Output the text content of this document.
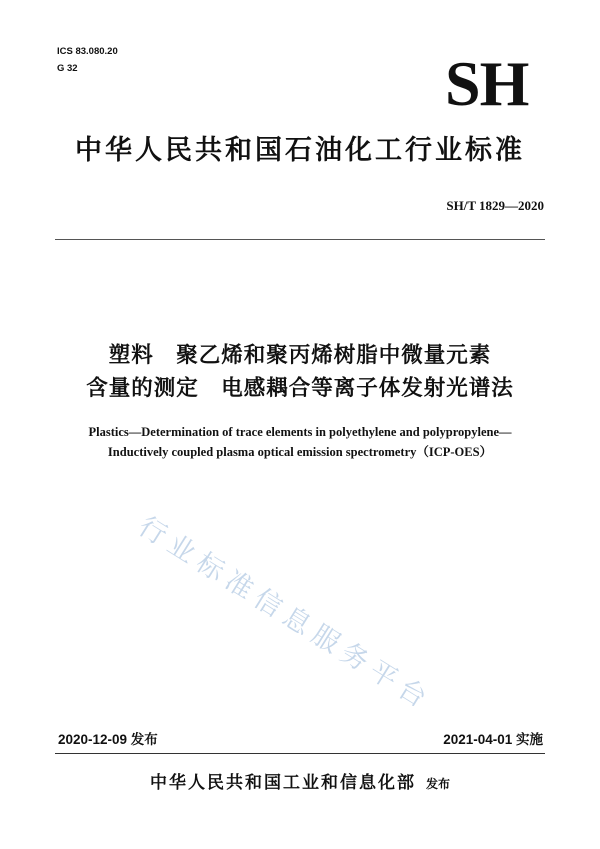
ICS 83.080.20
G 32	SH
中华人民共和国石油化工行业标准
SH/T 1829—2020
塑料　聚乙烯和聚丙烯树脂中微量元素
含量的测定　电感耦合等离子体发射光谱法
Plastics—Determination of trace elements in polyethylene and polypropylene—
Inductively coupled plasma optical emission spectrometry（ICP-OES）
行业标准信息服务平台
2020-12-09 发布	2021-04-01 实施
中华人民共和国工业和信息化部 发布
